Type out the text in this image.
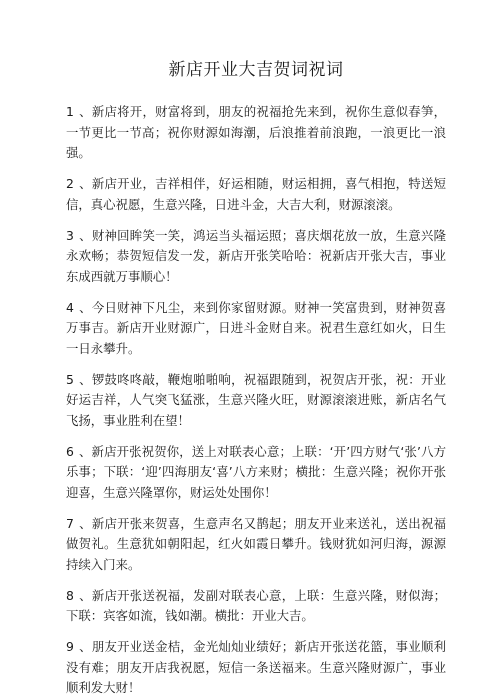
新店开业大吉贺词祝词

1 、新店将开，财富将到，朋友的祝福抢先来到，祝你生意似春笋，一节更比一节高；祝你财源如海潮，后浪推着前浪跑，一浪更比一浪强。

2 、新店开业，吉祥相伴，好运相随，财运相拥，喜气相抱，特送短信，真心祝愿，生意兴隆，日进斗金，大吉大利，财源滚滚。

3 、财神回眸笑一笑，鸿运当头福运照；喜庆烟花放一放，生意兴隆永欢畅；恭贺短信发一发，新店开张笑哈哈：祝新店开张大吉，事业东成西就万事顺心！

4 、今日财神下凡尘，来到你家留财源。财神一笑富贵到，财神贺喜万事吉。新店开业财源广，日进斗金财自来。祝君生意红如火，日生一日永攀升。

5 、锣鼓咚咚敲，鞭炮啪啪响，祝福跟随到，祝贺店开张，祝：开业好运吉祥，人气突飞猛涨，生意兴隆火旺，财源滚滚进账，新店名气飞扬，事业胜利在望！

6 、新店开张祝贺你，送上对联表心意；上联：‘开’四方财气‘张’八方乐事；下联：‘迎’四海朋友‘喜’八方来财；横批：生意兴隆；祝你开张迎喜，生意兴隆罩你，财运处处围你！

7 、新店开张来贺喜，生意声名又鹊起；朋友开业来送礼，送出祝福做贺礼。生意犹如朝阳起，红火如霞日攀升。钱财犹如河归海，源源持续入门来。

8 、新店开张送祝福，发副对联表心意，上联：生意兴隆，财似海；下联：宾客如流，钱如潮。横批：开业大吉。

9 、朋友开业送金桔，金光灿灿业绩好；新店开张送花篮，事业顺利没有难；朋友开店我祝愿，短信一条送福来。生意兴隆财源广，事业顺利发大财！
